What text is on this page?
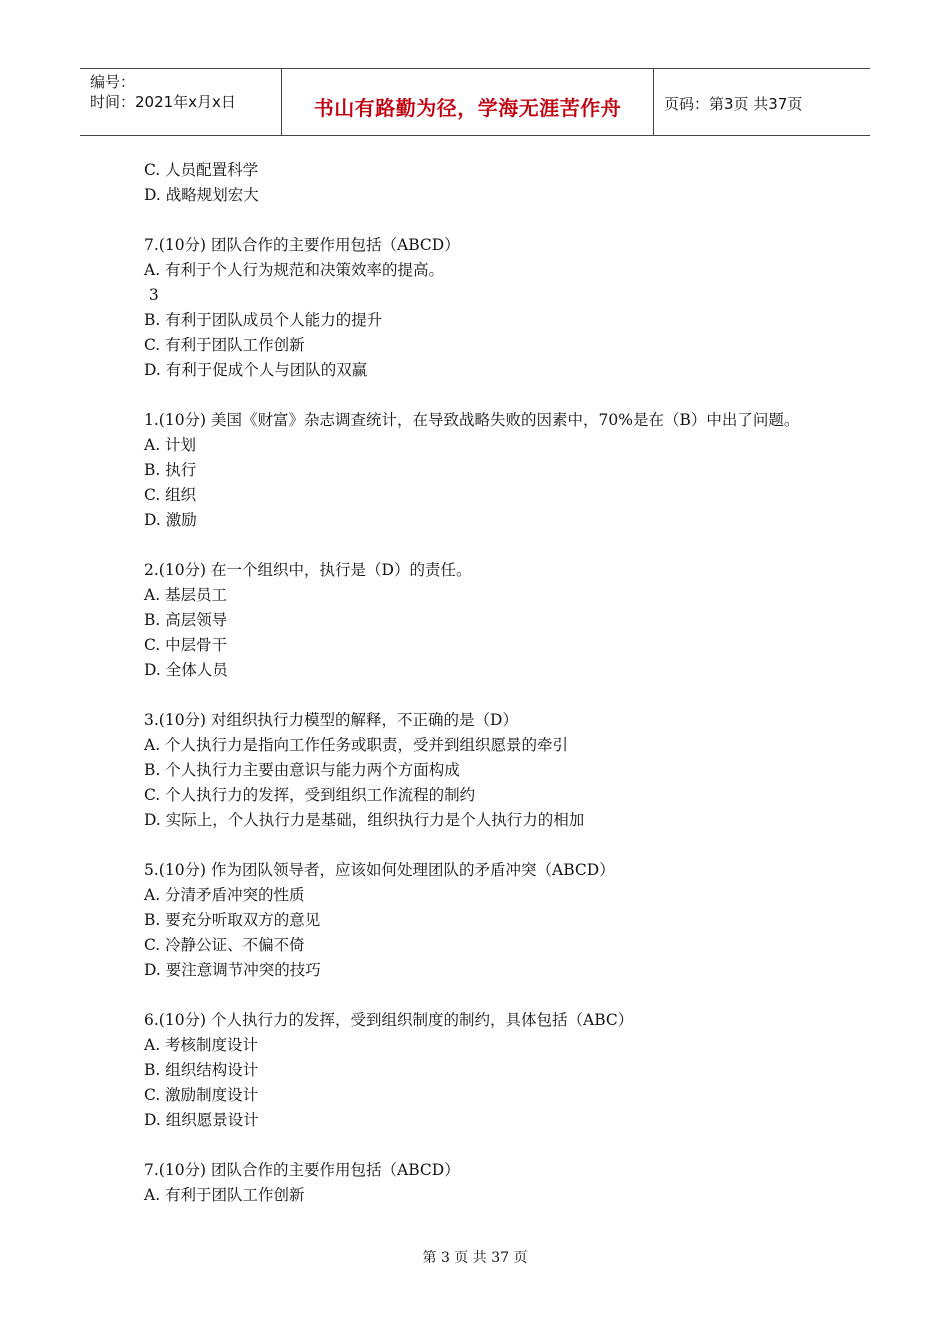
编号：
时间：2021年x月x日	书山有路勤为径，学海无涯苦作舟	页码：第3页 共37页
C. 人员配置科学
D. 战略规划宏大
7.(10分) 团队合作的主要作用包括（ABCD）
A. 有利于个人行为规范和决策效率的提高。
3
B. 有利于团队成员个人能力的提升
C. 有利于团队工作创新
D. 有利于促成个人与团队的双赢
1.(10分) 美国《财富》杂志调查统计，在导致战略失败的因素中，70%是在（B）中出了问题。
A. 计划
B. 执行
C. 组织
D. 激励
2.(10分) 在一个组织中，执行是（D）的责任。
A. 基层员工
B. 高层领导
C. 中层骨干
D. 全体人员
3.(10分) 对组织执行力模型的解释，不正确的是（D）
A. 个人执行力是指向工作任务或职责，受并到组织愿景的牵引
B. 个人执行力主要由意识与能力两个方面构成
C. 个人执行力的发挥，受到组织工作流程的制约
D. 实际上，个人执行力是基础，组织执行力是个人执行力的相加
5.(10分) 作为团队领导者，应该如何处理团队的矛盾冲突（ABCD）
A. 分清矛盾冲突的性质
B. 要充分听取双方的意见
C. 冷静公证、不偏不倚
D. 要注意调节冲突的技巧
6.(10分) 个人执行力的发挥，受到组织制度的制约，具体包括（ABC）
A. 考核制度设计
B. 组织结构设计
C. 激励制度设计
D. 组织愿景设计
7.(10分) 团队合作的主要作用包括（ABCD）
A. 有利于团队工作创新
第 3 页 共 37 页
